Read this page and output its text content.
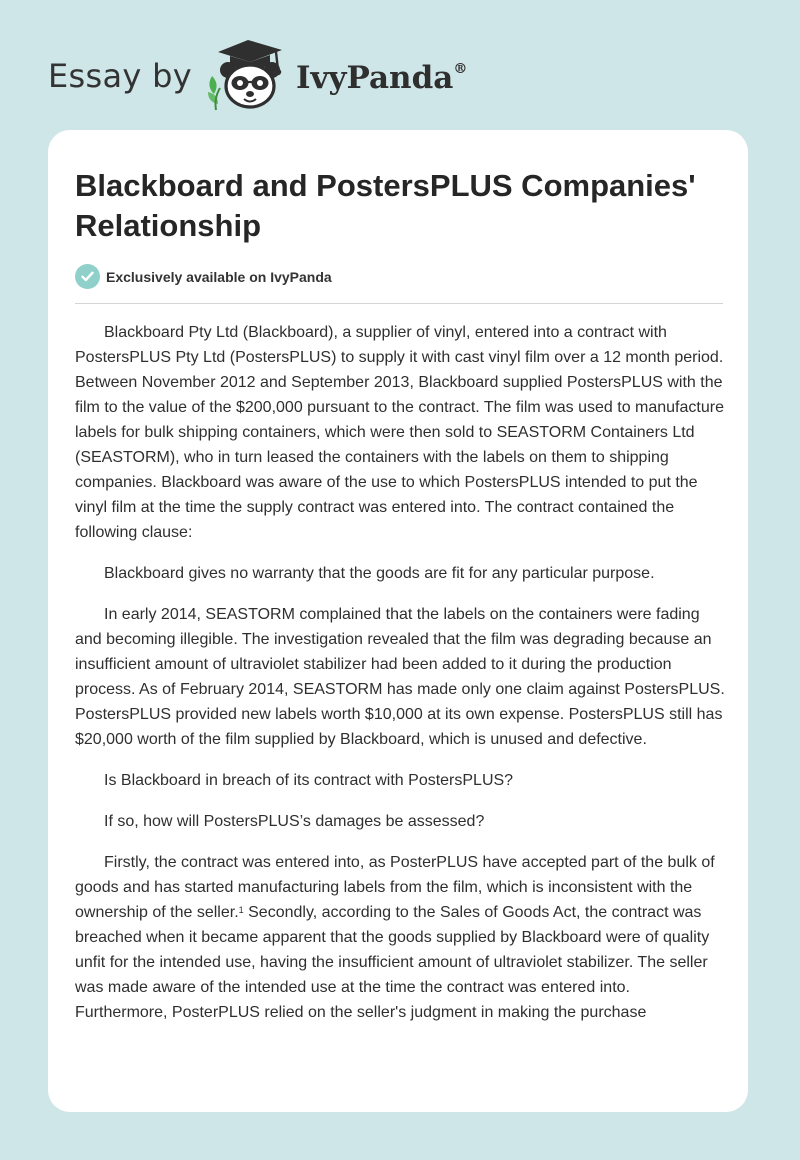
Essay by	IvyPanda®
Blackboard and PostersPLUS Companies' Relationship
Exclusively available on IvyPanda

Blackboard Pty Ltd (Blackboard), a supplier of vinyl, entered into a contract with PostersPLUS Pty Ltd (PostersPLUS) to supply it with cast vinyl film over a 12 month period. Between November 2012 and September 2013, Blackboard supplied PostersPLUS with the film to the value of the $200,000 pursuant to the contract. The film was used to manufacture labels for bulk shipping containers, which were then sold to SEASTORM Containers Ltd (SEASTORM), who in turn leased the containers with the labels on them to shipping companies. Blackboard was aware of the use to which PostersPLUS intended to put the vinyl film at the time the supply contract was entered into. The contract contained the following clause:

Blackboard gives no warranty that the goods are fit for any particular purpose.

In early 2014, SEASTORM complained that the labels on the containers were fading and becoming illegible. The investigation revealed that the film was degrading because an insufficient amount of ultraviolet stabilizer had been added to it during the production process. As of February 2014, SEASTORM has made only one claim against PostersPLUS. PostersPLUS provided new labels worth $10,000 at its own expense. PostersPLUS still has $20,000 worth of the film supplied by Blackboard, which is unused and defective.

Is Blackboard in breach of its contract with PostersPLUS?

If so, how will PostersPLUS’s damages be assessed?

Firstly, the contract was entered into, as PosterPLUS have accepted part of the bulk of goods and has started manufacturing labels from the film, which is inconsistent with the ownership of the seller.$^1$ Secondly, according to the Sales of Goods Act, the contract was breached when it became apparent that the goods supplied by Blackboard were of quality unfit for the intended use, having the insufficient amount of ultraviolet stabilizer. The seller was made aware of the intended use at the time the contract was entered into. Furthermore, PosterPLUS relied on the seller's judgment in making the purchase
